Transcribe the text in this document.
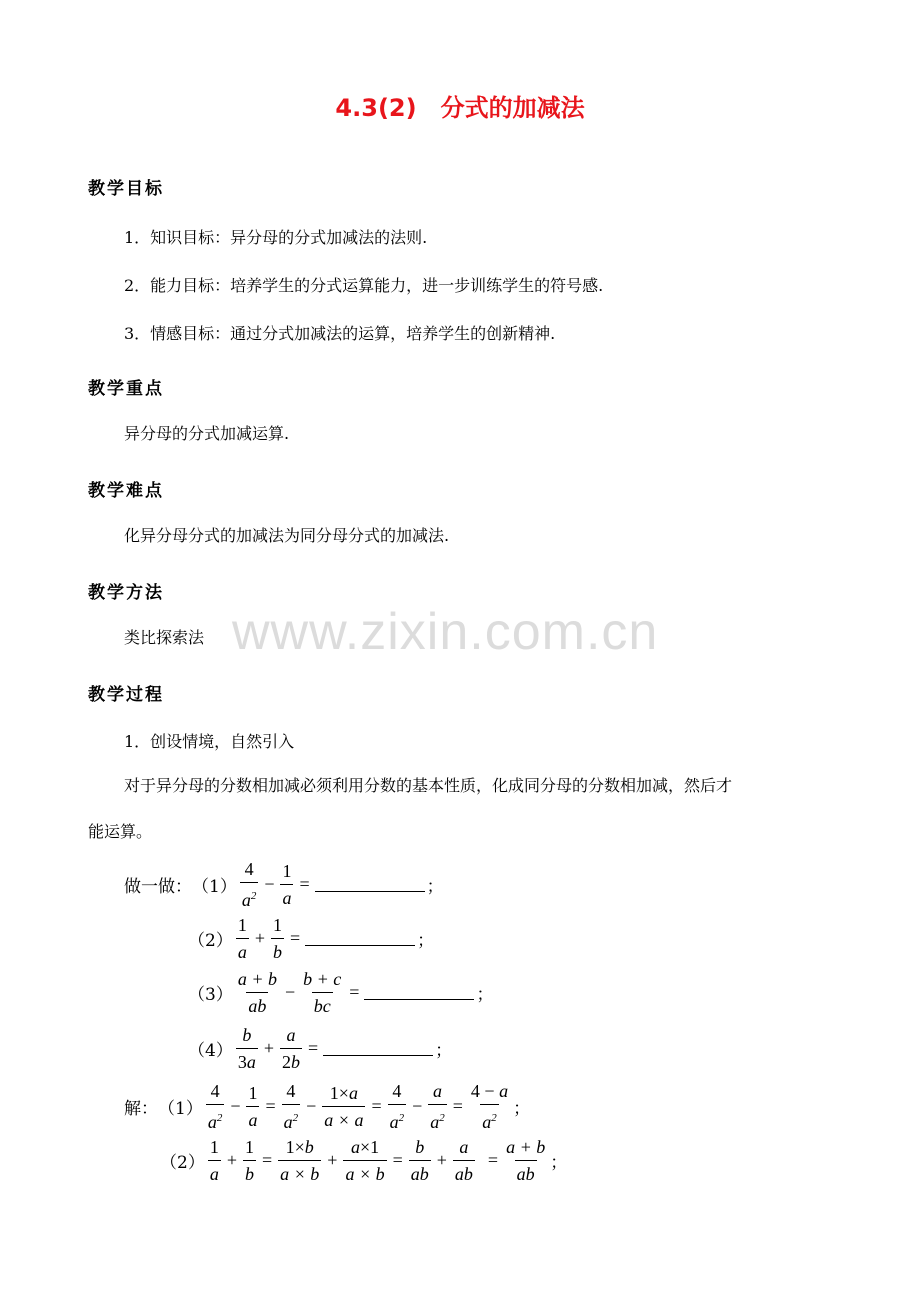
4.3(2)　分式的加减法
教学目标
1．知识目标：异分母的分式加减法的法则.
2．能力目标：培养学生的分式运算能力，进一步训练学生的符号感.
3．情感目标：通过分式加减法的运算，培养学生的创新精神.
教学重点
异分母的分式加减运算.
教学难点
化异分母分式的加减法为同分母分式的加减法.
教学方法
类比探索法 www.zixin.com.cn
教学过程
1．创设情境，自然引入
对于异分母的分数相加减必须利用分数的基本性质，化成同分母的分数相加减，然后才
能运算。
做一做： $(1) \frac{4}{a^2} - \frac{1}{a}$ =	；
$(2) \frac{1}{a} + \frac{1}{b}$ =	；
$(3) \frac{a + b}{ab} - \frac{b + c}{bc}$ =	；
$(4) \frac{b}{3a} + \frac{a}{2b}$ =	；
解： $(1) \frac{4}{a^2} - \frac{1}{a} = \frac{4}{a^2} - \frac{1\times a}{a \times a} = \frac{4}{a^2} - \frac{a}{a^2} = \frac{4 - a}{a^2}$ ；
$(2) \frac{1}{a} + \frac{1}{b} = \frac{1\times b}{a \times b} + \frac{a\times 1}{a \times b} = \frac{b}{ab} + \frac{a}{ab} = \frac{a + b}{ab}$ ；
